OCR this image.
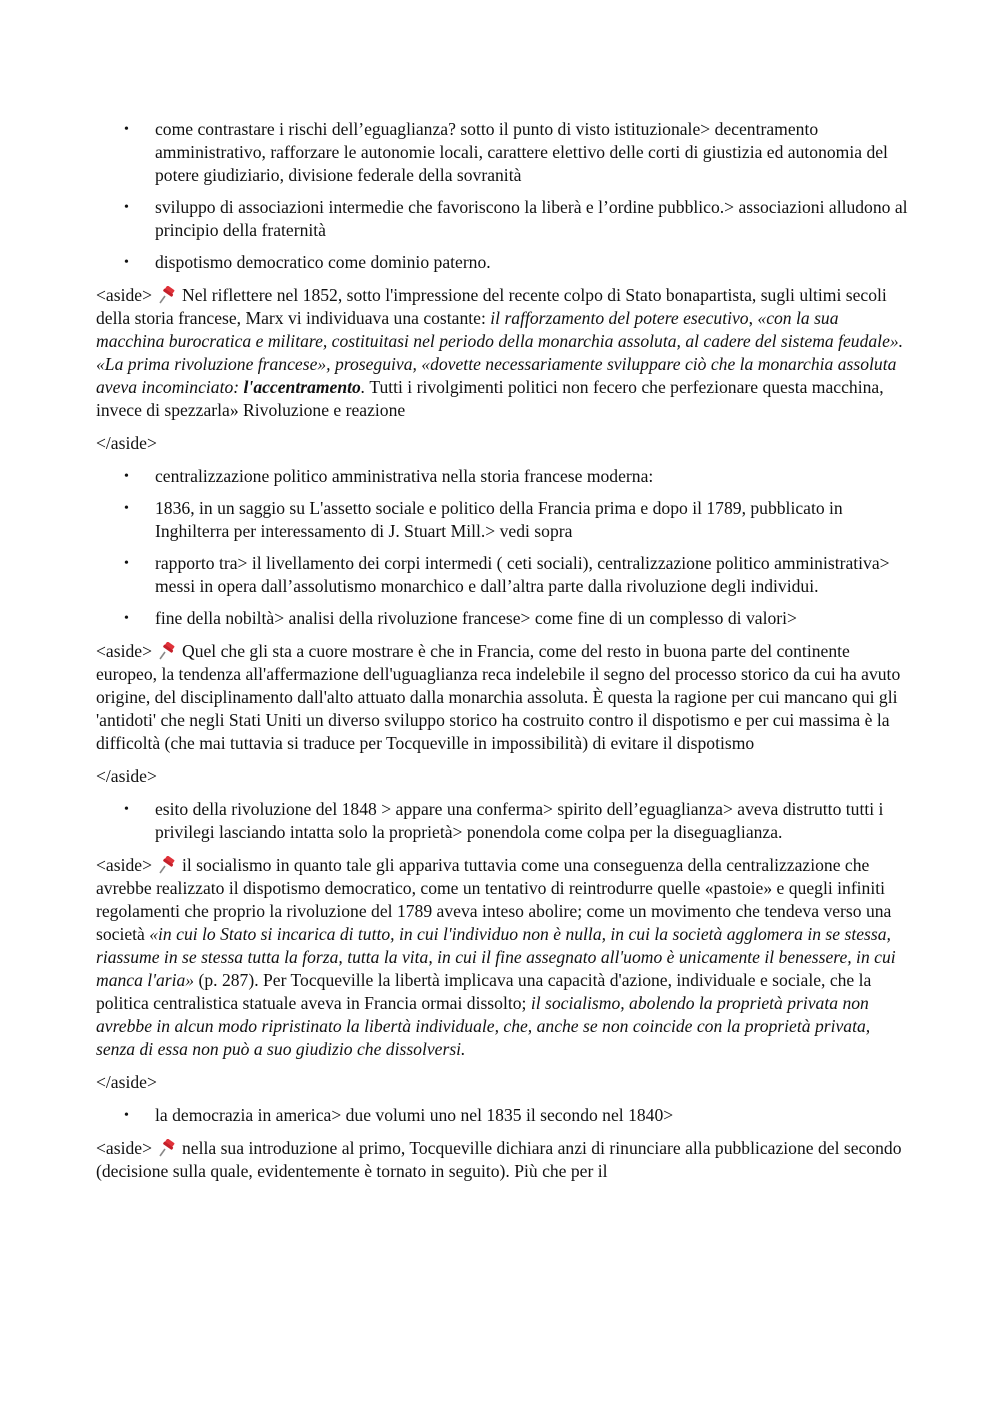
• come contrastare i rischi dell’eguaglianza? sotto il punto di visto istituzionale> decentramento amministrativo, rafforzare le autonomie locali, carattere elettivo delle corti di giustizia ed autonomia del potere giudiziario, divisione federale della sovranità
• sviluppo di associazioni intermedie che favoriscono la liberà e l’ordine pubblico.> associazioni alludono al principio della fraternità
• dispotismo democratico come dominio paterno.

<aside> Nel riflettere nel 1852, sotto l'impressione del recente colpo di Stato bonapartista, sugli ultimi secoli della storia francese, Marx vi individuava una costante: il rafforzamento del potere esecutivo, «con la sua macchina burocratica e militare, costituitasi nel periodo della monarchia assoluta, al cadere del sistema feudale». «La prima rivoluzione francese», proseguiva, «dovette necessariamente sviluppare ciò che la monarchia assoluta aveva incominciato: l'accentramento. Tutti i rivolgimenti politici non fecero che perfezionare questa macchina, invece di spezzarla» Rivoluzione e reazione

</aside>

• centralizzazione politico amministrativa nella storia francese moderna:
• 1836, in un saggio su L'assetto sociale e politico della Francia prima e dopo il 1789, pubblicato in Inghilterra per interessamento di J. Stuart Mill.> vedi sopra
• rapporto tra> il livellamento dei corpi intermedi ( ceti sociali), centralizzazione politico amministrativa> messi in opera dall’assolutismo monarchico e dall’altra parte dalla rivoluzione degli individui.
• fine della nobiltà> analisi della rivoluzione francese> come fine di un complesso di valori>

<aside> Quel che gli sta a cuore mostrare è che in Francia, come del resto in buona parte del continente europeo, la tendenza all'affermazione dell'uguaglianza reca indelebile il segno del processo storico da cui ha avuto origine, del disciplinamento dall'alto attuato dalla monarchia assoluta. È questa la ragione per cui mancano qui gli 'antidoti' che negli Stati Uniti un diverso sviluppo storico ha costruito contro il dispotismo e per cui massima è la difficoltà (che mai tuttavia si traduce per Tocqueville in impossibilità) di evitare il dispotismo

</aside>

• esito della rivoluzione del 1848 > appare una conferma> spirito dell’eguaglianza> aveva distrutto tutti i privilegi lasciando intatta solo la proprietà> ponendola come colpa per la diseguaglianza.

<aside> il socialismo in quanto tale gli appariva tuttavia come una conseguenza della centralizzazione che avrebbe realizzato il dispotismo democratico, come un tentativo di reintrodurre quelle «pastoie» e quegli infiniti regolamenti che proprio la rivoluzione del 1789 aveva inteso abolire; come un movimento che tendeva verso una società «in cui lo Stato si incarica di tutto, in cui l'individuo non è nulla, in cui la società agglomera in se stessa, riassume in se stessa tutta la forza, tutta la vita, in cui il fine assegnato all'uomo è unicamente il benessere, in cui manca l'aria» (p. 287). Per Tocqueville la libertà implicava una capacità d'azione, individuale e sociale, che la politica centralistica statuale aveva in Francia ormai dissolto; il socialismo, abolendo la proprietà privata non avrebbe in alcun modo ripristinato la libertà individuale, che, anche se non coincide con la proprietà privata, senza di essa non può a suo giudizio che dissolversi.

</aside>

• la democrazia in america> due volumi uno nel 1835 il secondo nel 1840>

<aside> nella sua introduzione al primo, Tocqueville dichiara anzi di rinunciare alla pubblicazione del secondo (decisione sulla quale, evidentemente è tornato in seguito). Più che per il
